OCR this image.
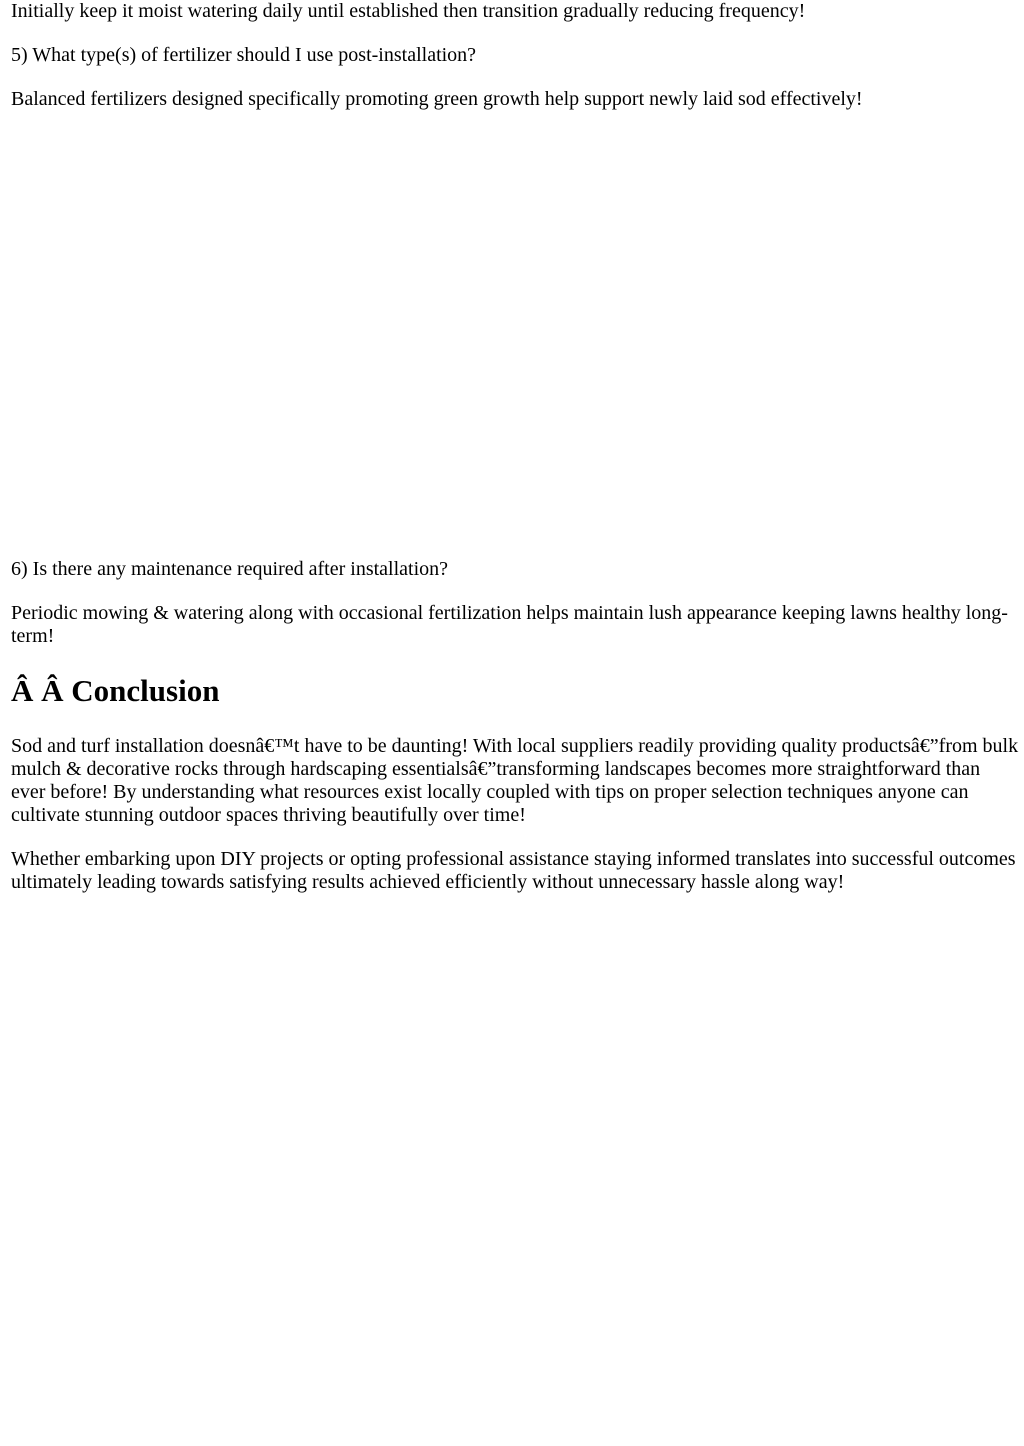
Initially keep it moist watering daily until established then transition gradually reducing frequency!

5) What type(s) of fertilizer should I use post-installation?

Balanced fertilizers designed specifically promoting green growth help support newly laid sod effectively!

6) Is there any maintenance required after installation?

Periodic mowing & watering along with occasional fertilization helps maintain lush appearance keeping lawns healthy long-term!

Â Â Conclusion

Sod and turf installation doesnâ€™t have to be daunting! With local suppliers readily providing quality productsâ€”from bulk mulch & decorative rocks through hardscaping essentialsâ€”transforming landscapes becomes more straightforward than ever before! By understanding what resources exist locally coupled with tips on proper selection techniques anyone can cultivate stunning outdoor spaces thriving beautifully over time!

Whether embarking upon DIY projects or opting professional assistance staying informed translates into successful outcomes ultimately leading towards satisfying results achieved efficiently without unnecessary hassle along way!
